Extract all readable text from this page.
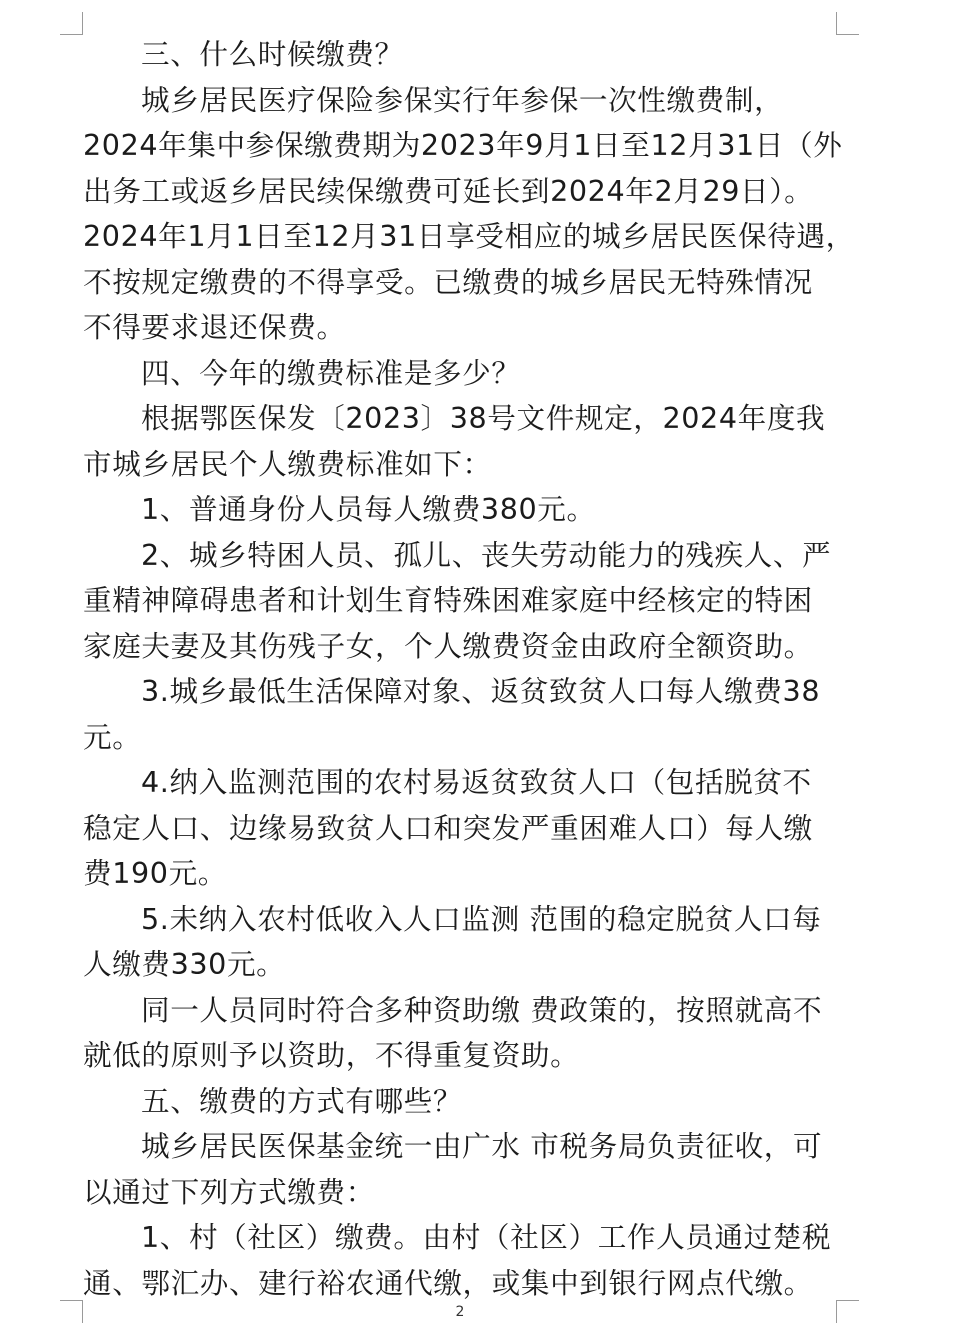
三、什么时候缴费？
城乡居民医疗保险参保实行年参保一次性缴费制，
2024年集中参保缴费期为2023年9月1日至12月31日（外
出务工或返乡居民续保缴费可延长到2024年2月29日）。
2024年1月1日至12月31日享受相应的城乡居民医保待遇，
不按规定缴费的不得享受。已缴费的城乡居民无特殊情况
不得要求退还保费。
四、今年的缴费标准是多少？
根据鄂医保发〔2023〕38号文件规定，2024年度我
市城乡居民个人缴费标准如下：
1、普通身份人员每人缴费380元。
2、城乡特困人员、孤儿、丧失劳动能力的残疾人、严
重精神障碍患者和计划生育特殊困难家庭中经核定的特困
家庭夫妻及其伤残子女，个人缴费资金由政府全额资助。
3.城乡最低生活保障对象、返贫致贫人口每人缴费38
元。
4.纳入监测范围的农村易返贫致贫人口（包括脱贫不
稳定人口、边缘易致贫人口和突发严重困难人口）每人缴
费190元。
5.未纳入农村低收入人口监测 范围的稳定脱贫人口每
人缴费330元。
同一人员同时符合多种资助缴 费政策的，按照就高不
就低的原则予以资助，不得重复资助。
五、缴费的方式有哪些？
城乡居民医保基金统一由广水 市税务局负责征收，可
以通过下列方式缴费：
1、村（社区）缴费。由村（社区）工作人员通过楚税
通、鄂汇办、建行裕农通代缴，或集中到银行网点代缴。
2
